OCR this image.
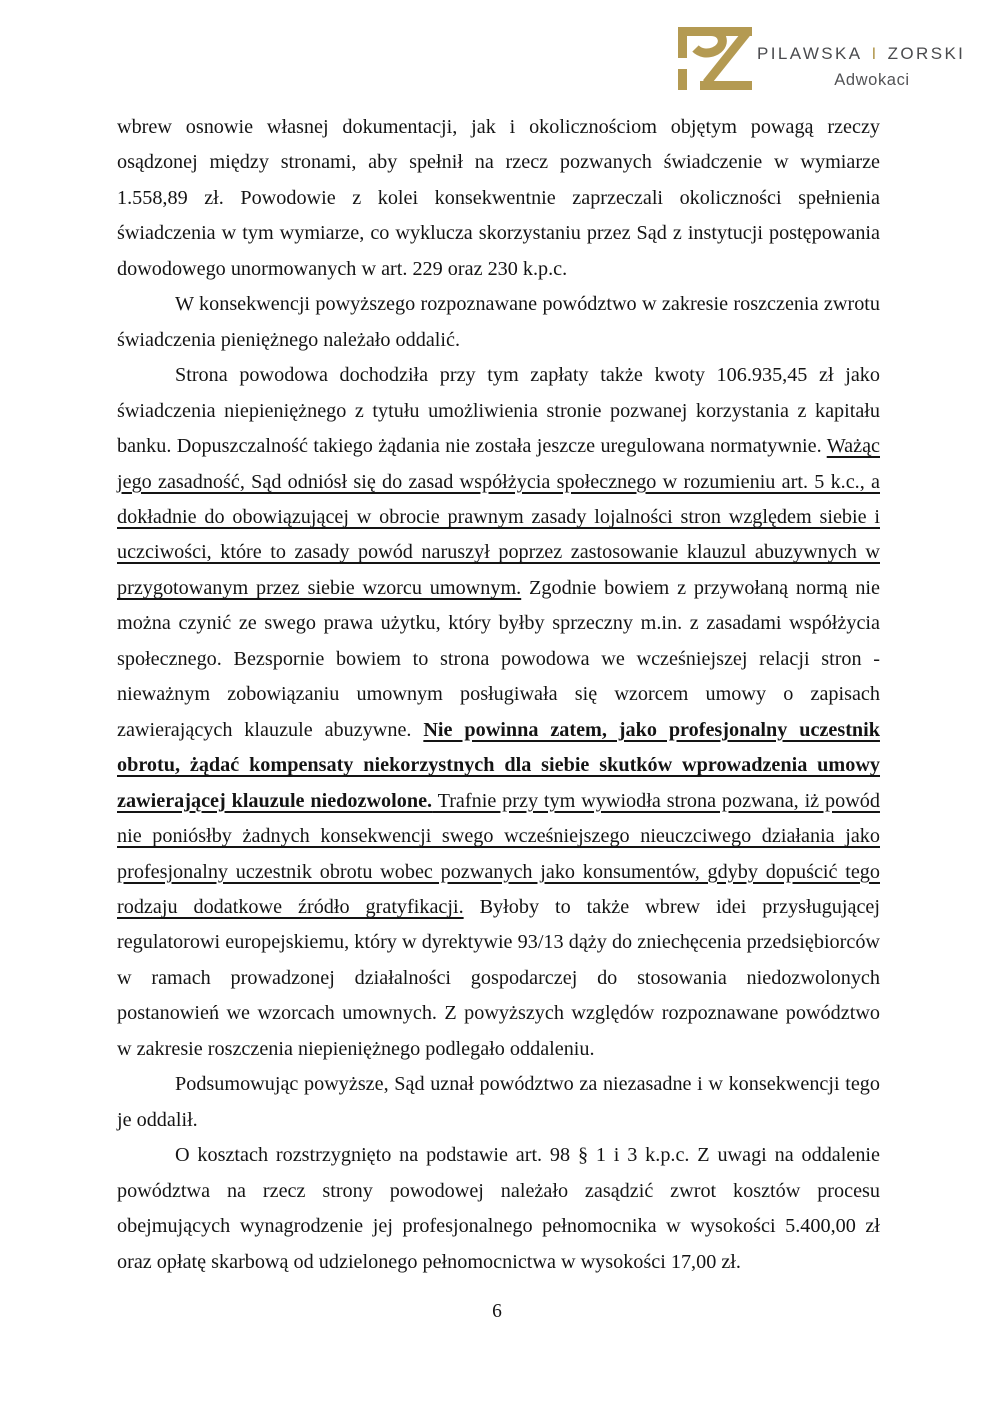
PILAWSKA I ZORSKI
Adwokaci

wbrew osnowie własnej dokumentacji, jak i okolicznościom objętym powagą rzeczy osądzonej między stronami, aby spełnił na rzecz pozwanych świadczenie w wymiarze 1.558,89 zł. Powodowie z kolei konsekwentnie zaprzeczali okoliczności spełnienia świadczenia w tym wymiarze, co wyklucza skorzystaniu przez Sąd z instytucji postępowania dowodowego unormowanych w art. 229 oraz 230 k.p.c.

W konsekwencji powyższego rozpoznawane powództwo w zakresie roszczenia zwrotu świadczenia pieniężnego należało oddalić.

Strona powodowa dochodziła przy tym zapłaty także kwoty 106.935,45 zł jako świadczenia niepieniężnego z tytułu umożliwienia stronie pozwanej korzystania z kapitału banku. Dopuszczalność takiego żądania nie została jeszcze uregulowana normatywnie. Ważąc jego zasadność, Sąd odniósł się do zasad współżycia społecznego w rozumieniu art. 5 k.c., a dokładnie do obowiązującej w obrocie prawnym zasady lojalności stron względem siebie i uczciwości, które to zasady powód naruszył poprzez zastosowanie klauzul abuzywnych w przygotowanym przez siebie wzorcu umownym. Zgodnie bowiem z przywołaną normą nie można czynić ze swego prawa użytku, który byłby sprzeczny m.in. z zasadami współżycia społecznego. Bezspornie bowiem to strona powodowa we wcześniejszej relacji stron - nieważnym zobowiązaniu umownym posługiwała się wzorcem umowy o zapisach zawierających klauzule abuzywne. Nie powinna zatem, jako profesjonalny uczestnik obrotu, żądać kompensaty niekorzystnych dla siebie skutków wprowadzenia umowy zawierającej klauzule niedozwolone. Trafnie przy tym wywiodła strona pozwana, iż powód nie poniósłby żadnych konsekwencji swego wcześniejszego nieuczciwego działania jako profesjonalny uczestnik obrotu wobec pozwanych jako konsumentów, gdyby dopuścić tego rodzaju dodatkowe źródło gratyfikacji. Byłoby to także wbrew idei przysługującej regulatorowi europejskiemu, który w dyrektywie 93/13 dąży do zniechęcenia przedsiębiorców w ramach prowadzonej działalności gospodarczej do stosowania niedozwolonych postanowień we wzorcach umownych. Z powyższych względów rozpoznawane powództwo w zakresie roszczenia niepieniężnego podlegało oddaleniu.

Podsumowując powyższe, Sąd uznał powództwo za niezasadne i w konsekwencji tego je oddalił.

O kosztach rozstrzygnięto na podstawie art. 98 § 1 i 3 k.p.c. Z uwagi na oddalenie powództwa na rzecz strony powodowej należało zasądzić zwrot kosztów procesu obejmujących wynagrodzenie jej profesjonalnego pełnomocnika w wysokości 5.400,00 zł oraz opłatę skarbową od udzielonego pełnomocnictwa w wysokości 17,00 zł.

6
